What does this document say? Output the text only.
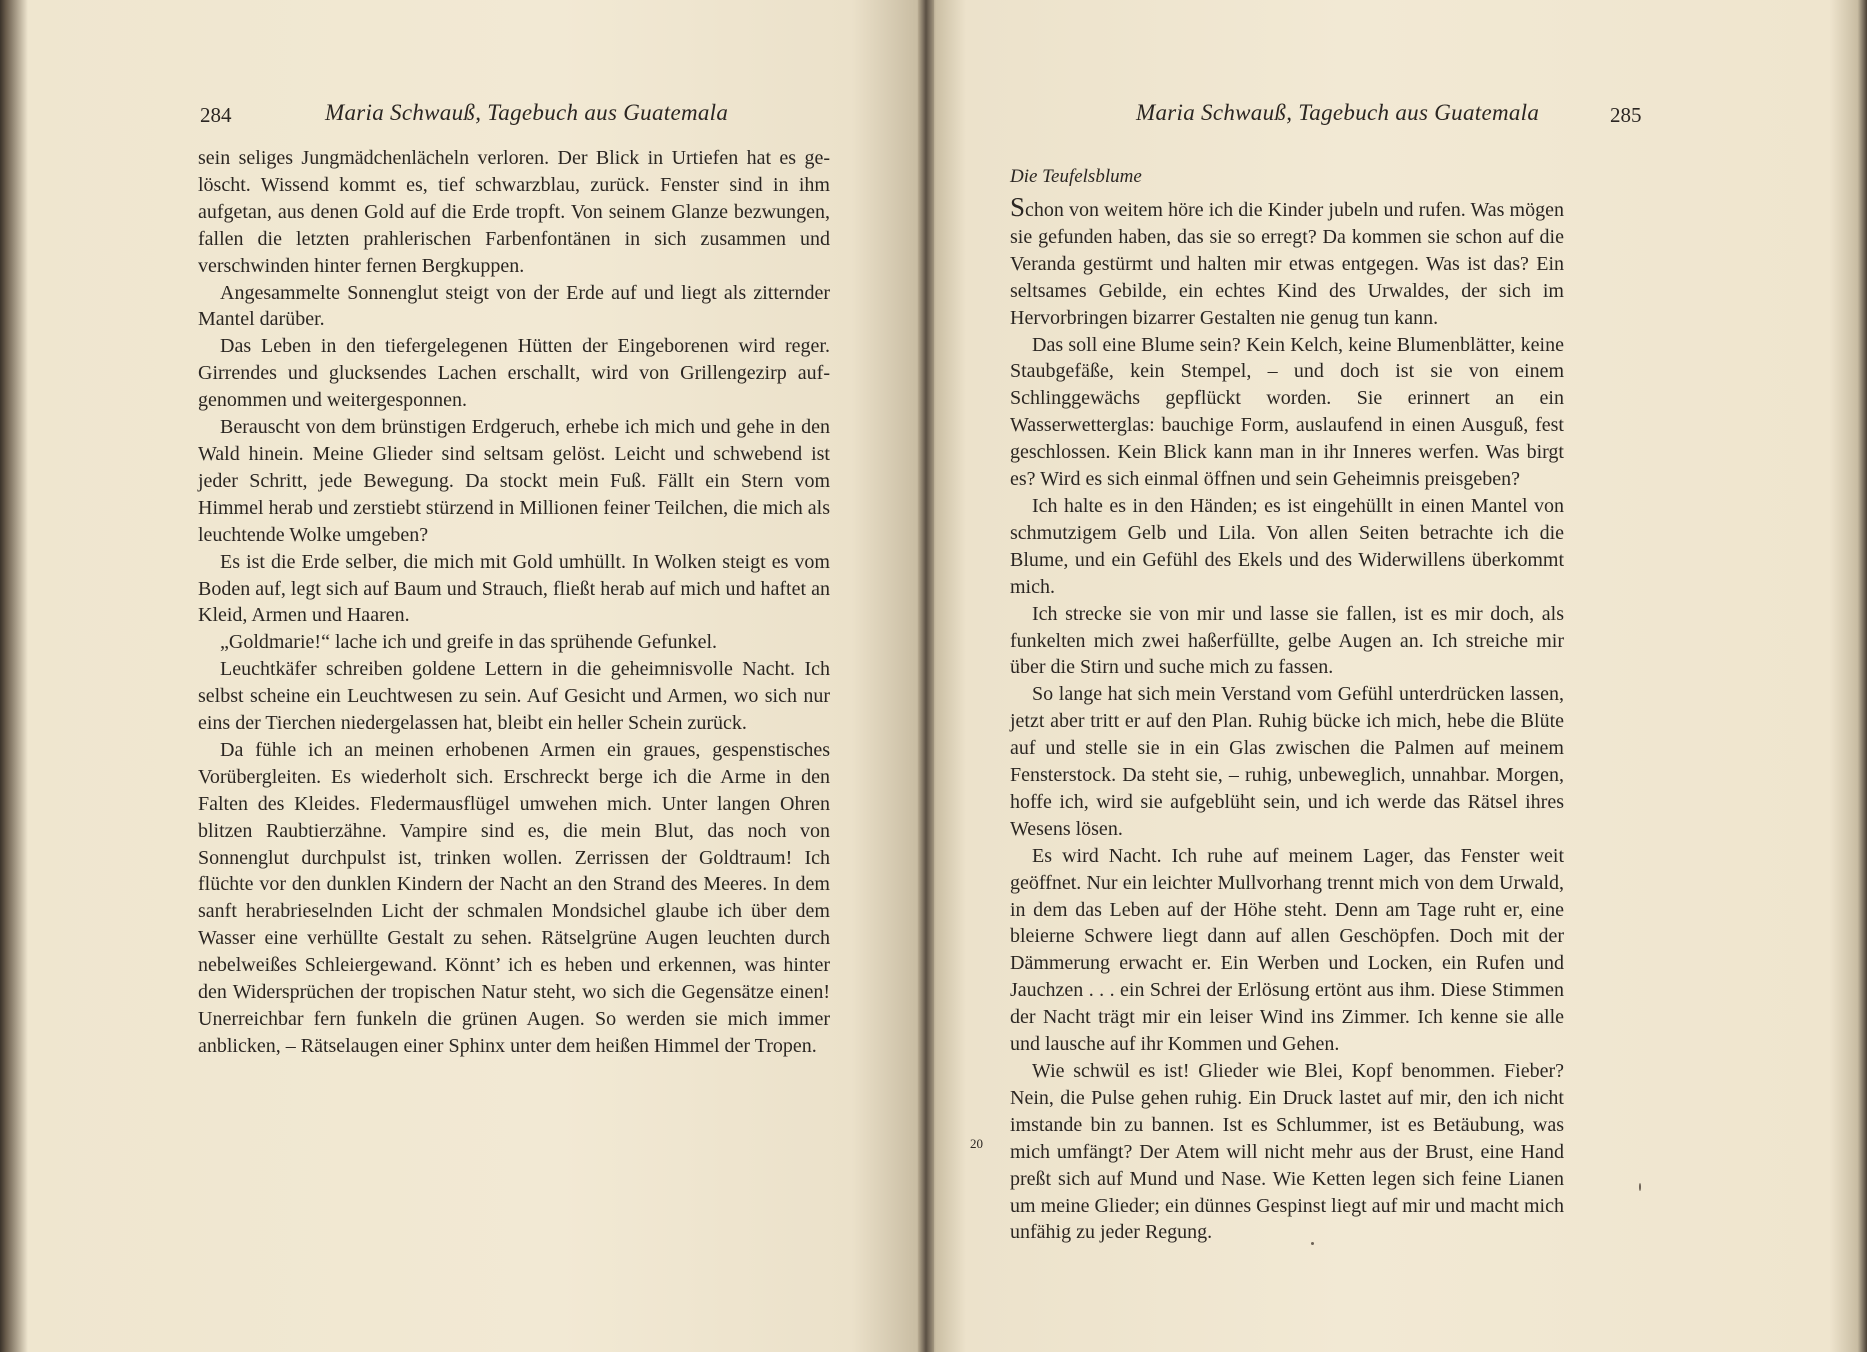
284	Maria Schwauß, Tagebuch aus Guatemala

sein seliges Jungmädchenlächeln verloren. Der Blick in Urtiefen hat es gelöscht. Wissend kommt es, tief schwarzblau, zurück. Fenster sind in ihm aufgetan, aus denen Gold auf die Erde tropft. Von seinem Glanze bezwungen, fallen die letzten prahlerischen Farbenfontänen in sich zusammen und verschwinden hinter fernen Bergkuppen.

Angesammelte Sonnenglut steigt von der Erde auf und liegt als zitternder Mantel darüber.

Das Leben in den tiefergelegenen Hütten der Eingeborenen wird reger. Girrendes und glucksendes Lachen erschallt, wird von Grillengezirp aufgenommen und weitergesponnen.

Berauscht von dem brünstigen Erdgeruch, erhebe ich mich und gehe in den Wald hinein. Meine Glieder sind seltsam gelöst. Leicht und schwebend ist jeder Schritt, jede Bewegung. Da stockt mein Fuß. Fällt ein Stern vom Himmel herab und zerstiebt stürzend in Millionen feiner Teilchen, die mich als leuchtende Wolke umgeben?

Es ist die Erde selber, die mich mit Gold umhüllt. In Wolken steigt es vom Boden auf, legt sich auf Baum und Strauch, fließt herab auf mich und haftet an Kleid, Armen und Haaren.

„Goldmarie!“ lache ich und greife in das sprühende Gefunkel.

Leuchtkäfer schreiben goldene Lettern in die geheimnisvolle Nacht. Ich selbst scheine ein Leuchtwesen zu sein. Auf Gesicht und Armen, wo sich nur eins der Tierchen niedergelassen hat, bleibt ein heller Schein zurück.

Da fühle ich an meinen erhobenen Armen ein graues, gespenstisches Vorübergleiten. Es wiederholt sich. Erschreckt berge ich die Arme in den Falten des Kleides. Fledermausflügel umwehen mich. Unter langen Ohren blitzen Raubtierzähne. Vampire sind es, die mein Blut, das noch von Sonnenglut durchpulst ist, trinken wollen. Zerrissen der Goldtraum! Ich flüchte vor den dunklen Kindern der Nacht an den Strand des Meeres. In dem sanft herabrieselnden Licht der schmalen Mondsichel glaube ich über dem Wasser eine verhüllte Gestalt zu sehen. Rätselgrüne Augen leuchten durch nebelweißes Schleiergewand. Könnt’ ich es heben und erkennen, was hinter den Widersprüchen der tropischen Natur steht, wo sich die Gegensätze einen! Unerreichbar fern funkeln die grünen Augen. So werden sie mich immer anblicken, – Rätselaugen einer Sphinx unter dem heißen Himmel der Tropen.

Maria Schwauß, Tagebuch aus Guatemala	285
Die Teufelsblume

Schon von weitem höre ich die Kinder jubeln und rufen. Was mögen sie gefunden haben, das sie so erregt? Da kommen sie schon auf die Veranda gestürmt und halten mir etwas entgegen. Was ist das? Ein seltsames Gebilde, ein echtes Kind des Urwaldes, der sich im Hervorbringen bizarrer Gestalten nie genug tun kann.

Das soll eine Blume sein? Kein Kelch, keine Blumenblätter, keine Staubgefäße, kein Stempel, – und doch ist sie von einem Schlinggewächs gepflückt worden. Sie erinnert an ein Wasserwetterglas: bauchige Form, auslaufend in einen Ausguß, fest geschlossen. Kein Blick kann man in ihr Inneres werfen. Was birgt es? Wird es sich einmal öffnen und sein Geheimnis preisgeben?

Ich halte es in den Händen; es ist eingehüllt in einen Mantel von schmutzigem Gelb und Lila. Von allen Seiten betrachte ich die Blume, und ein Gefühl des Ekels und des Widerwillens überkommt mich.

Ich strecke sie von mir und lasse sie fallen, ist es mir doch, als funkelten mich zwei haßerfüllte, gelbe Augen an. Ich streiche mir über die Stirn und suche mich zu fassen.

So lange hat sich mein Verstand vom Gefühl unterdrücken lassen, jetzt aber tritt er auf den Plan. Ruhig bücke ich mich, hebe die Blüte auf und stelle sie in ein Glas zwischen die Palmen auf meinem Fensterstock. Da steht sie, – ruhig, unbeweglich, unnahbar. Morgen, hoffe ich, wird sie aufgeblüht sein, und ich werde das Rätsel ihres Wesens lösen.

Es wird Nacht. Ich ruhe auf meinem Lager, das Fenster weit geöffnet. Nur ein leichter Mullvorhang trennt mich von dem Urwald, in dem das Leben auf der Höhe steht. Denn am Tage ruht er, eine bleierne Schwere liegt dann auf allen Geschöpfen. Doch mit der Dämmerung erwacht er. Ein Werben und Locken, ein Rufen und Jauchzen . . . ein Schrei der Erlösung ertönt aus ihm. Diese Stimmen der Nacht trägt mir ein leiser Wind ins Zimmer. Ich kenne sie alle und lausche auf ihr Kommen und Gehen.

Wie schwül es ist! Glieder wie Blei, Kopf benommen. Fieber? Nein, die Pulse gehen ruhig. Ein Druck lastet auf mir, den ich nicht imstande bin zu bannen. Ist es Schlummer, ist es Betäubung, was mich umfängt? Der Atem will nicht mehr aus der Brust, eine Hand preßt sich auf Mund und Nase. Wie Ketten legen sich feine Lianen um meine Glieder; ein dünnes Gespinst liegt auf mir und macht mich unfähig zu jeder Regung.

20
